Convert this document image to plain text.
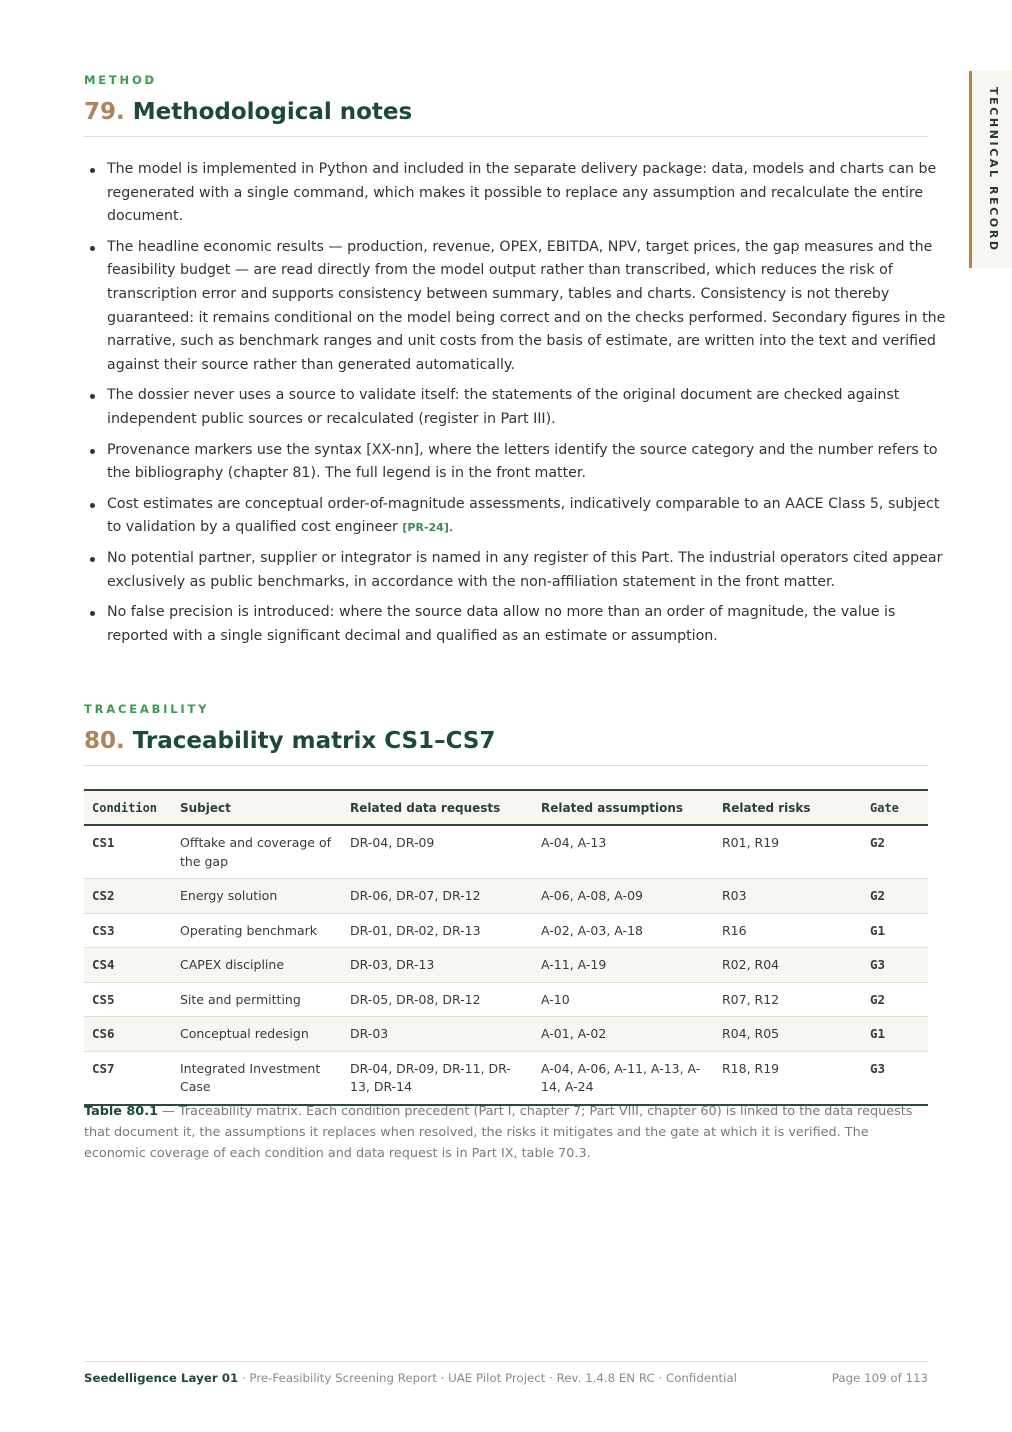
TECHNICAL RECORD
METHOD
79. Methodological notes
The model is implemented in Python and included in the separate delivery package: data, models and charts can be regenerated with a single command, which makes it possible to replace any assumption and recalculate the entire document.
The headline economic results — production, revenue, OPEX, EBITDA, NPV, target prices, the gap measures and the feasibility budget — are read directly from the model output rather than transcribed, which reduces the risk of transcription error and supports consistency between summary, tables and charts. Consistency is not thereby guaranteed: it remains conditional on the model being correct and on the checks performed. Secondary figures in the narrative, such as benchmark ranges and unit costs from the basis of estimate, are written into the text and verified against their source rather than generated automatically.
The dossier never uses a source to validate itself: the statements of the original document are checked against independent public sources or recalculated (register in Part III).
Provenance markers use the syntax [XX-nn], where the letters identify the source category and the number refers to the bibliography (chapter 81). The full legend is in the front matter.
Cost estimates are conceptual order-of-magnitude assessments, indicatively comparable to an AACE Class 5, subject to validation by a qualified cost engineer [PR-24].
No potential partner, supplier or integrator is named in any register of this Part. The industrial operators cited appear exclusively as public benchmarks, in accordance with the non-affiliation statement in the front matter.
No false precision is introduced: where the source data allow no more than an order of magnitude, the value is reported with a single significant decimal and qualified as an estimate or assumption.
TRACEABILITY
80. Traceability matrix CS1–CS7
Condition	Subject	Related data requests	Related assumptions	Related risks	Gate
CS1	Offtake and coverage of the gap	DR-04, DR-09	A-04, A-13	R01, R19	G2
CS2	Energy solution	DR-06, DR-07, DR-12	A-06, A-08, A-09	R03	G2
CS3	Operating benchmark	DR-01, DR-02, DR-13	A-02, A-03, A-18	R16	G1
CS4	CAPEX discipline	DR-03, DR-13	A-11, A-19	R02, R04	G3
CS5	Site and permitting	DR-05, DR-08, DR-12	A-10	R07, R12	G2
CS6	Conceptual redesign	DR-03	A-01, A-02	R04, R05	G1
CS7	Integrated Investment Case	DR-04, DR-09, DR-11, DR-13, DR-14	A-04, A-06, A-11, A-13, A-14, A-24	R18, R19	G3
Table 80.1 — Traceability matrix. Each condition precedent (Part I, chapter 7; Part VIII, chapter 60) is linked to the data requests that document it, the assumptions it replaces when resolved, the risks it mitigates and the gate at which it is verified. The economic coverage of each condition and data request is in Part IX, table 70.3.
Seedelligence Layer 01 · Pre-Feasibility Screening Report · UAE Pilot Project · Rev. 1.4.8 EN RC · Confidential	Page 109 of 113
